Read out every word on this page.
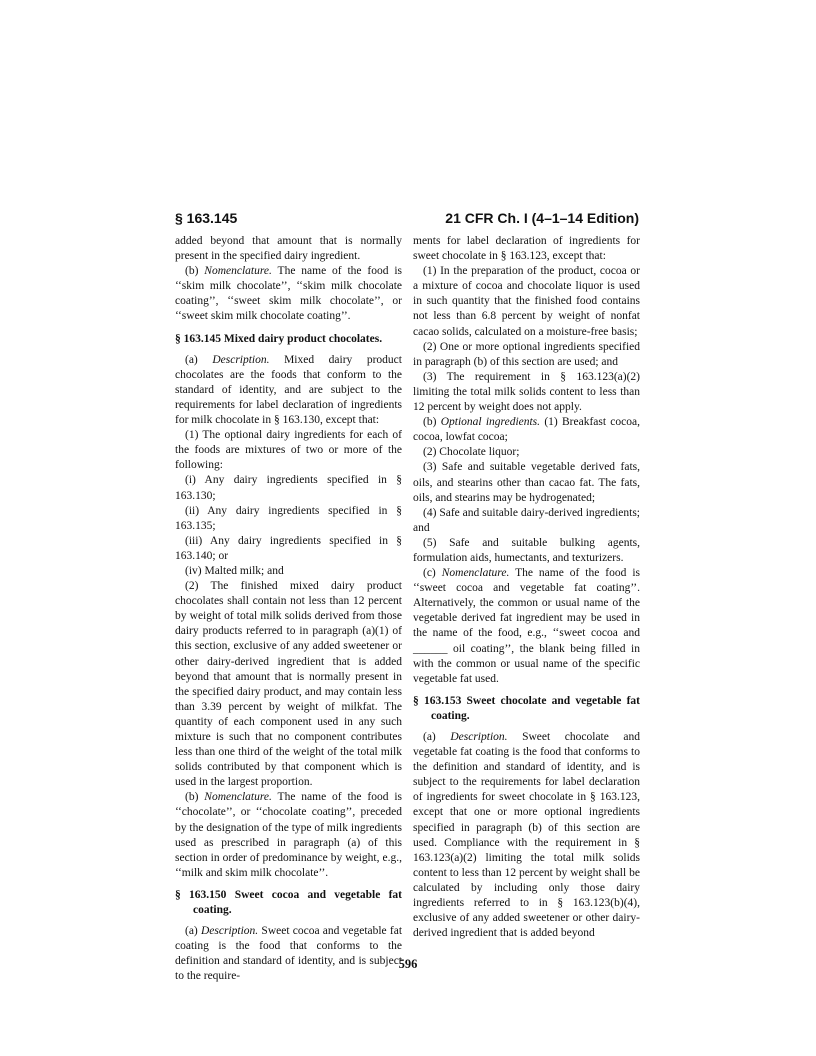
§ 163.145	21 CFR Ch. I (4–1–14 Edition)

added beyond that amount that is normally present in the specified dairy ingredient.

(b) Nomenclature. The name of the food is ‘‘skim milk chocolate’’, ‘‘skim milk chocolate coating’’, ‘‘sweet skim milk chocolate’’, or ‘‘sweet skim milk chocolate coating’’.

§ 163.145 Mixed dairy product chocolates.

(a) Description. Mixed dairy product chocolates are the foods that conform to the standard of identity, and are subject to the requirements for label declaration of ingredients for milk chocolate in § 163.130, except that:

(1) The optional dairy ingredients for each of the foods are mixtures of two or more of the following:

(i) Any dairy ingredients specified in § 163.130;

(ii) Any dairy ingredients specified in § 163.135;

(iii) Any dairy ingredients specified in § 163.140; or

(iv) Malted milk; and

(2) The finished mixed dairy product chocolates shall contain not less than 12 percent by weight of total milk solids derived from those dairy products referred to in paragraph (a)(1) of this section, exclusive of any added sweetener or other dairy-derived ingredient that is added beyond that amount that is normally present in the specified dairy product, and may contain less than 3.39 percent by weight of milkfat. The quantity of each component used in any such mixture is such that no component contributes less than one third of the weight of the total milk solids contributed by that component which is used in the largest proportion.

(b) Nomenclature. The name of the food is ‘‘chocolate’’, or ‘‘chocolate coating’’, preceded by the designation of the type of milk ingredients used as prescribed in paragraph (a) of this section in order of predominance by weight, e.g., ‘‘milk and skim milk chocolate’’.

§ 163.150 Sweet cocoa and vegetable fat coating.

(a) Description. Sweet cocoa and vegetable fat coating is the food that conforms to the definition and standard of identity, and is subject to the require-

ments for label declaration of ingredients for sweet chocolate in § 163.123, except that:

(1) In the preparation of the product, cocoa or a mixture of cocoa and chocolate liquor is used in such quantity that the finished food contains not less than 6.8 percent by weight of nonfat cacao solids, calculated on a moisture-free basis;

(2) One or more optional ingredients specified in paragraph (b) of this section are used; and

(3) The requirement in § 163.123(a)(2) limiting the total milk solids content to less than 12 percent by weight does not apply.

(b) Optional ingredients. (1) Breakfast cocoa, cocoa, lowfat cocoa;

(2) Chocolate liquor;

(3) Safe and suitable vegetable derived fats, oils, and stearins other than cacao fat. The fats, oils, and stearins may be hydrogenated;

(4) Safe and suitable dairy-derived ingredients; and

(5) Safe and suitable bulking agents, formulation aids, humectants, and texturizers.

(c) Nomenclature. The name of the food is ‘‘sweet cocoa and vegetable fat coating’’. Alternatively, the common or usual name of the vegetable derived fat ingredient may be used in the name of the food, e.g., ‘‘sweet cocoa and ______ oil coating’’, the blank being filled in with the common or usual name of the specific vegetable fat used.

§ 163.153 Sweet chocolate and vegetable fat coating.

(a) Description. Sweet chocolate and vegetable fat coating is the food that conforms to the definition and standard of identity, and is subject to the requirements for label declaration of ingredients for sweet chocolate in § 163.123, except that one or more optional ingredients specified in paragraph (b) of this section are used. Compliance with the requirement in § 163.123(a)(2) limiting the total milk solids content to less than 12 percent by weight shall be calculated by including only those dairy ingredients referred to in § 163.123(b)(4), exclusive of any added sweetener or other dairy-derived ingredient that is added beyond

596
